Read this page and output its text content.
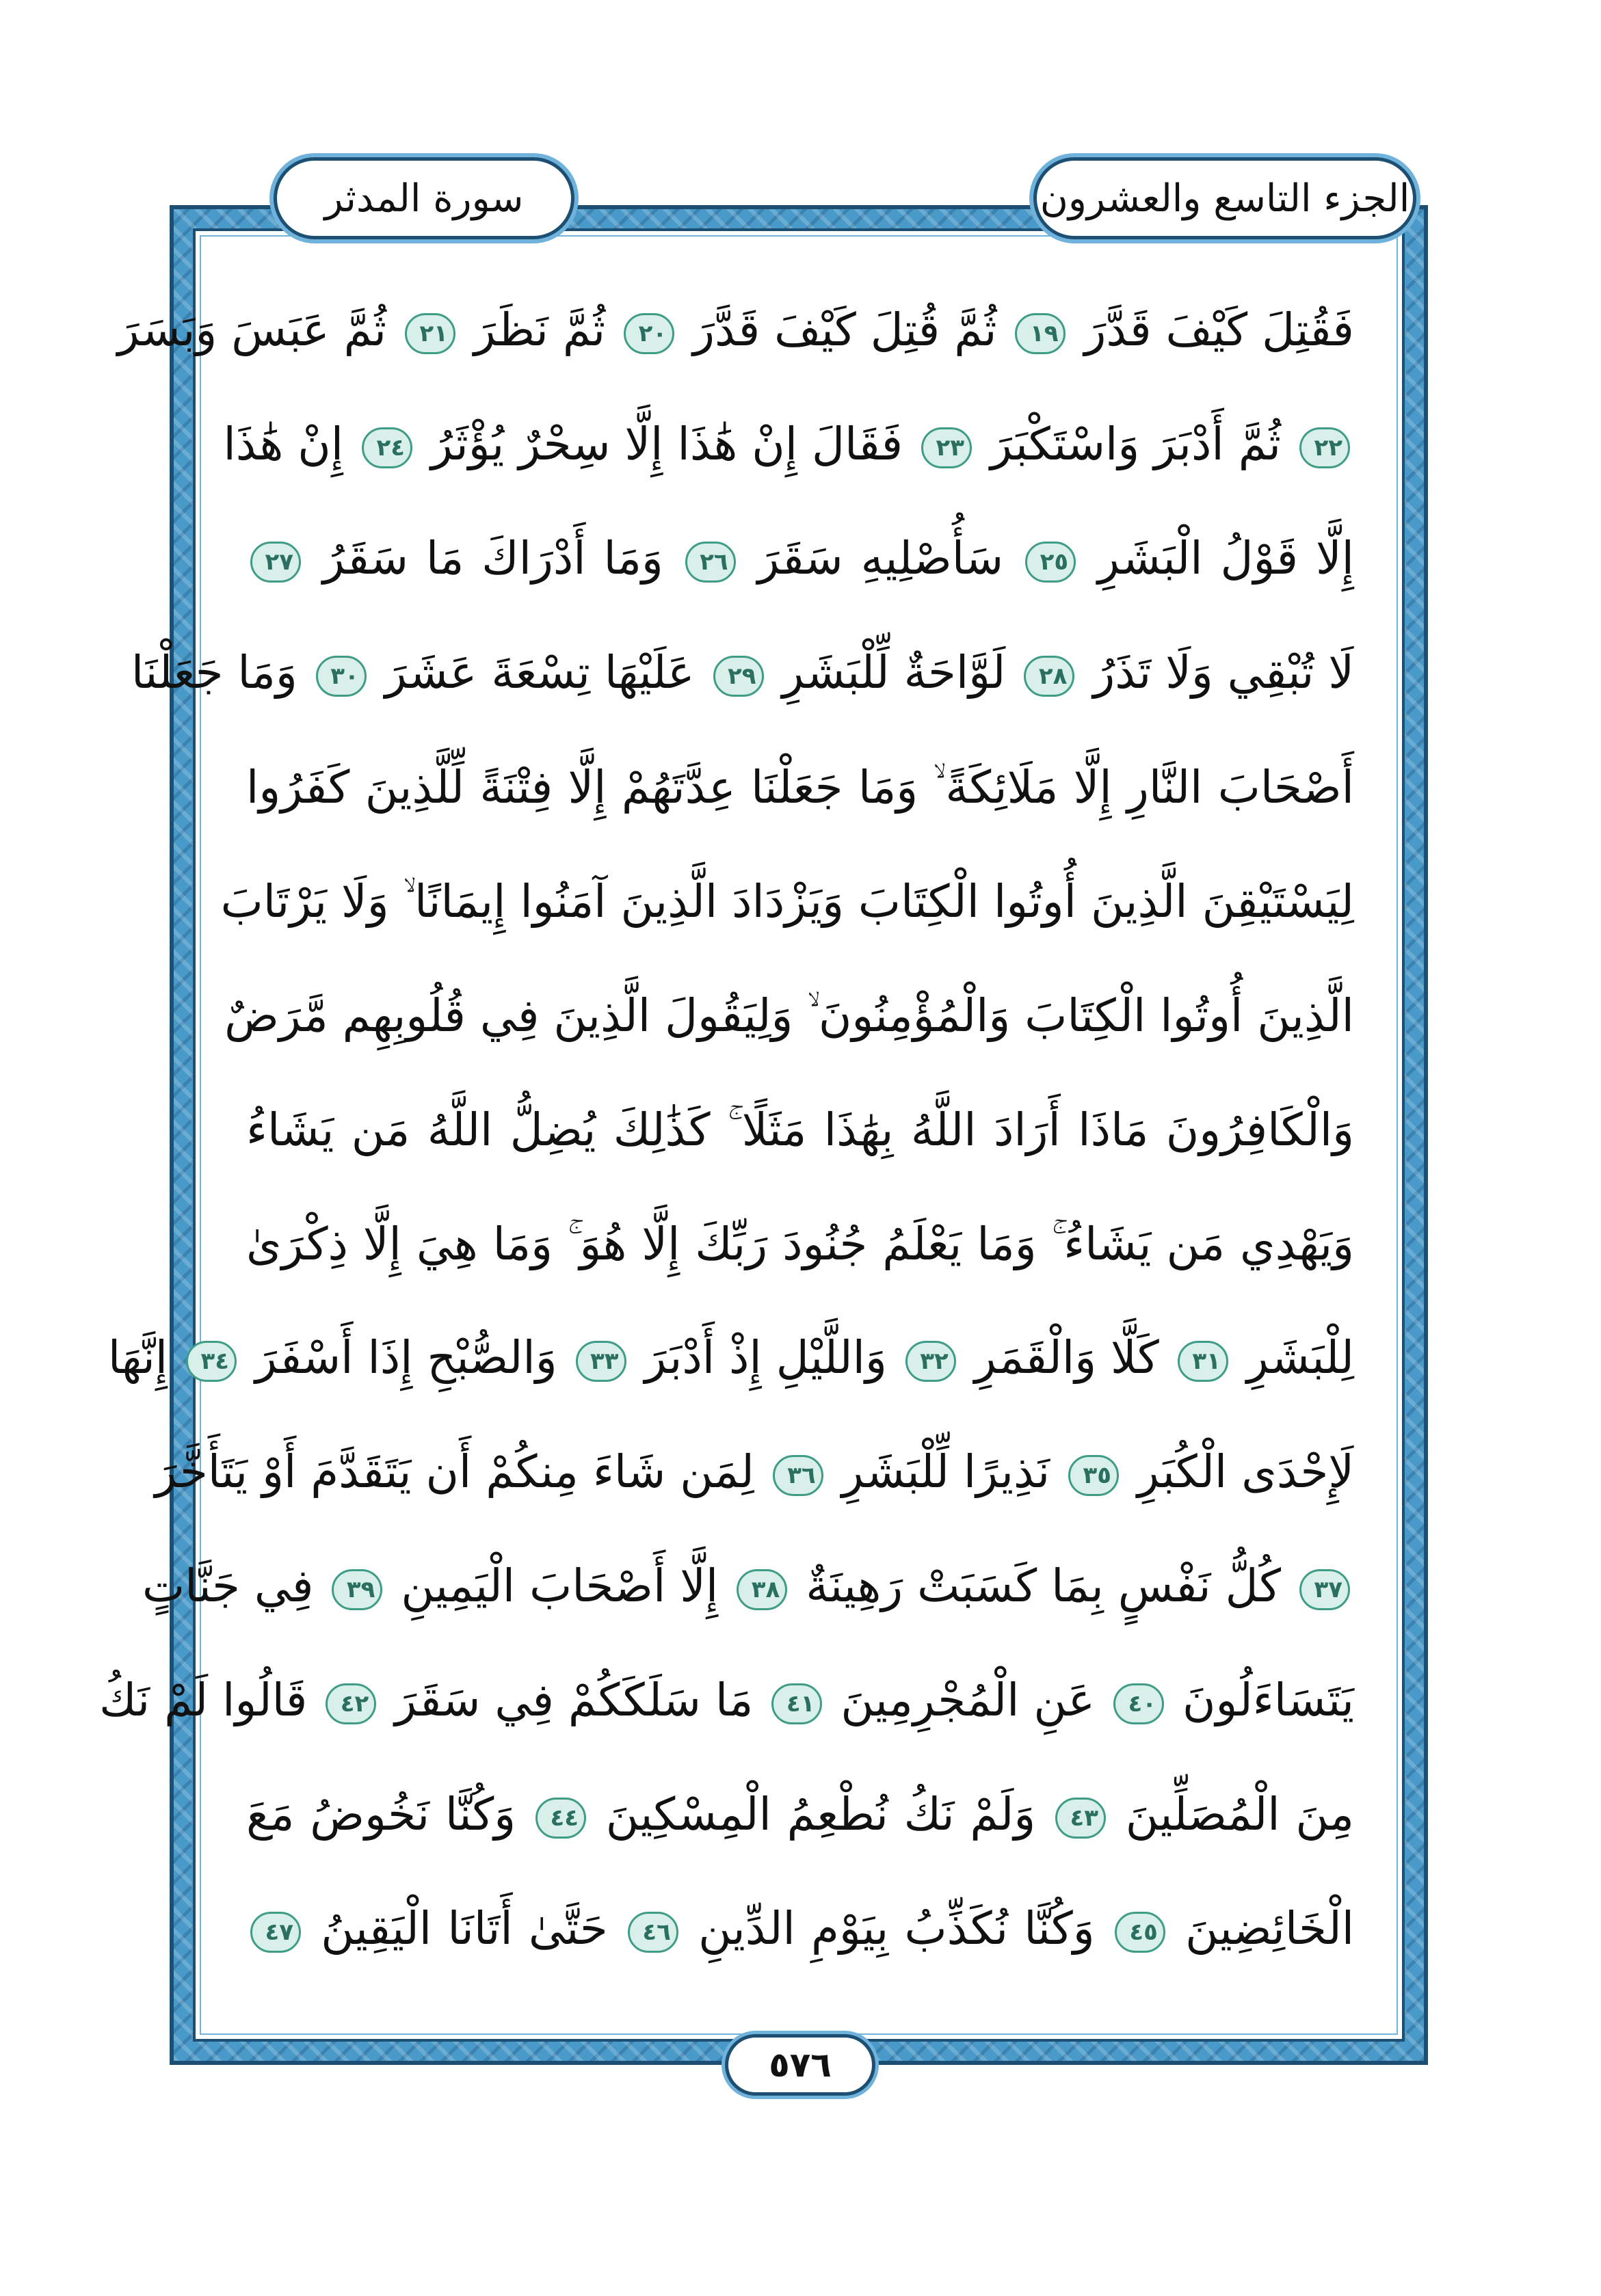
الجزء التاسع والعشرون
سورة المدثر
فَقُتِلَ كَيْفَ قَدَّرَ ١٩ ثُمَّ قُتِلَ كَيْفَ قَدَّرَ ٢٠ ثُمَّ نَظَرَ ٢١ ثُمَّ عَبَسَ وَبَسَرَ
٢٢ ثُمَّ أَدْبَرَ وَاسْتَكْبَرَ ٢٣ فَقَالَ إِنْ هَٰذَا إِلَّا سِحْرٌ يُؤْثَرُ ٢٤ إِنْ هَٰذَا
إِلَّا قَوْلُ الْبَشَرِ ٢٥ سَأُصْلِيهِ سَقَرَ ٢٦ وَمَا أَدْرَاكَ مَا سَقَرُ ٢٧
لَا تُبْقِي وَلَا تَذَرُ ٢٨ لَوَّاحَةٌ لِّلْبَشَرِ ٢٩ عَلَيْهَا تِسْعَةَ عَشَرَ ٣٠ وَمَا جَعَلْنَا
أَصْحَابَ النَّارِ إِلَّا مَلَائِكَةً ۙ وَمَا جَعَلْنَا عِدَّتَهُمْ إِلَّا فِتْنَةً لِّلَّذِينَ كَفَرُوا
لِيَسْتَيْقِنَ الَّذِينَ أُوتُوا الْكِتَابَ وَيَزْدَادَ الَّذِينَ آمَنُوا إِيمَانًا ۙ وَلَا يَرْتَابَ
الَّذِينَ أُوتُوا الْكِتَابَ وَالْمُؤْمِنُونَ ۙ وَلِيَقُولَ الَّذِينَ فِي قُلُوبِهِم مَّرَضٌ
وَالْكَافِرُونَ مَاذَا أَرَادَ اللَّهُ بِهَٰذَا مَثَلًا ۚ كَذَٰلِكَ يُضِلُّ اللَّهُ مَن يَشَاءُ
وَيَهْدِي مَن يَشَاءُ ۚ وَمَا يَعْلَمُ جُنُودَ رَبِّكَ إِلَّا هُوَ ۚ وَمَا هِيَ إِلَّا ذِكْرَىٰ
لِلْبَشَرِ ٣١ كَلَّا وَالْقَمَرِ ٣٢ وَاللَّيْلِ إِذْ أَدْبَرَ ٣٣ وَالصُّبْحِ إِذَا أَسْفَرَ ٣٤ إِنَّهَا
لَإِحْدَى الْكُبَرِ ٣٥ نَذِيرًا لِّلْبَشَرِ ٣٦ لِمَن شَاءَ مِنكُمْ أَن يَتَقَدَّمَ أَوْ يَتَأَخَّرَ
٣٧ كُلُّ نَفْسٍ بِمَا كَسَبَتْ رَهِينَةٌ ٣٨ إِلَّا أَصْحَابَ الْيَمِينِ ٣٩ فِي جَنَّاتٍ
يَتَسَاءَلُونَ ٤٠ عَنِ الْمُجْرِمِينَ ٤١ مَا سَلَكَكُمْ فِي سَقَرَ ٤٢ قَالُوا لَمْ نَكُ
مِنَ الْمُصَلِّينَ ٤٣ وَلَمْ نَكُ نُطْعِمُ الْمِسْكِينَ ٤٤ وَكُنَّا نَخُوضُ مَعَ
الْخَائِضِينَ ٤٥ وَكُنَّا نُكَذِّبُ بِيَوْمِ الدِّينِ ٤٦ حَتَّىٰ أَتَانَا الْيَقِينُ ٤٧
٥٧٦
